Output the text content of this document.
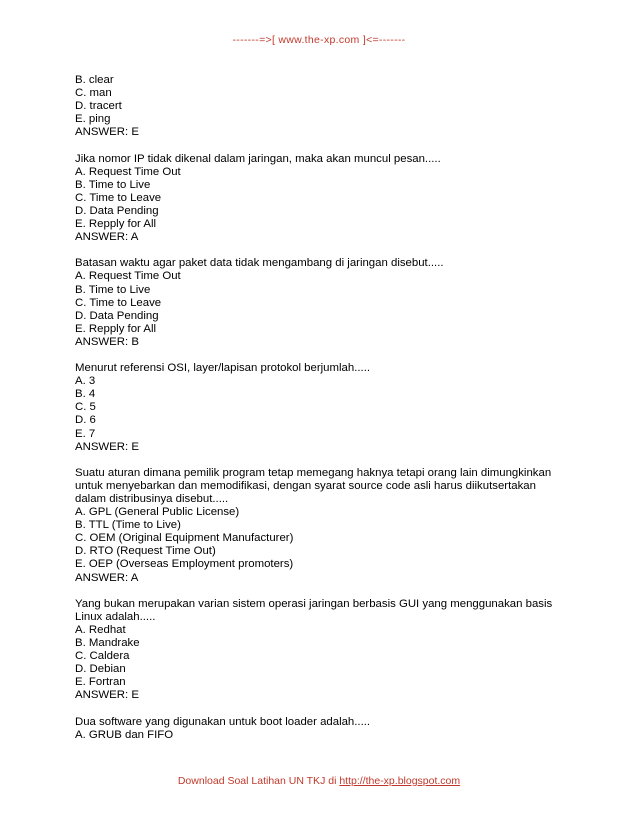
-------=>[ www.the-xp.com ]<=-------
B. clear
C. man
D. tracert
E. ping
ANSWER: E
Jika nomor IP tidak dikenal dalam jaringan, maka akan muncul pesan.....
A. Request Time Out
B. Time to Live
C. Time to Leave
D. Data Pending
E. Repply for All
ANSWER: A
Batasan waktu agar paket data tidak mengambang di jaringan disebut.....
A. Request Time Out
B. Time to Live
C. Time to Leave
D. Data Pending
E. Repply for All
ANSWER: B
Menurut referensi OSI, layer/lapisan protokol berjumlah.....
A. 3
B. 4
C. 5
D. 6
E. 7
ANSWER: E
Suatu aturan dimana pemilik program tetap memegang haknya tetapi orang lain dimungkinkan
untuk menyebarkan dan memodifikasi, dengan syarat source code asli harus diikutsertakan
dalam distribusinya disebut.....
A. GPL (General Public License)
B. TTL (Time to Live)
C. OEM (Original Equipment Manufacturer)
D. RTO (Request Time Out)
E. OEP (Overseas Employment promoters)
ANSWER: A
Yang bukan merupakan varian sistem operasi jaringan berbasis GUI yang menggunakan basis
Linux adalah.....
A. Redhat
B. Mandrake
C. Caldera
D. Debian
E. Fortran
ANSWER: E
Dua software yang digunakan untuk boot loader adalah.....
A. GRUB dan FIFO
Download Soal Latihan UN TKJ di http://the-xp.blogspot.com
